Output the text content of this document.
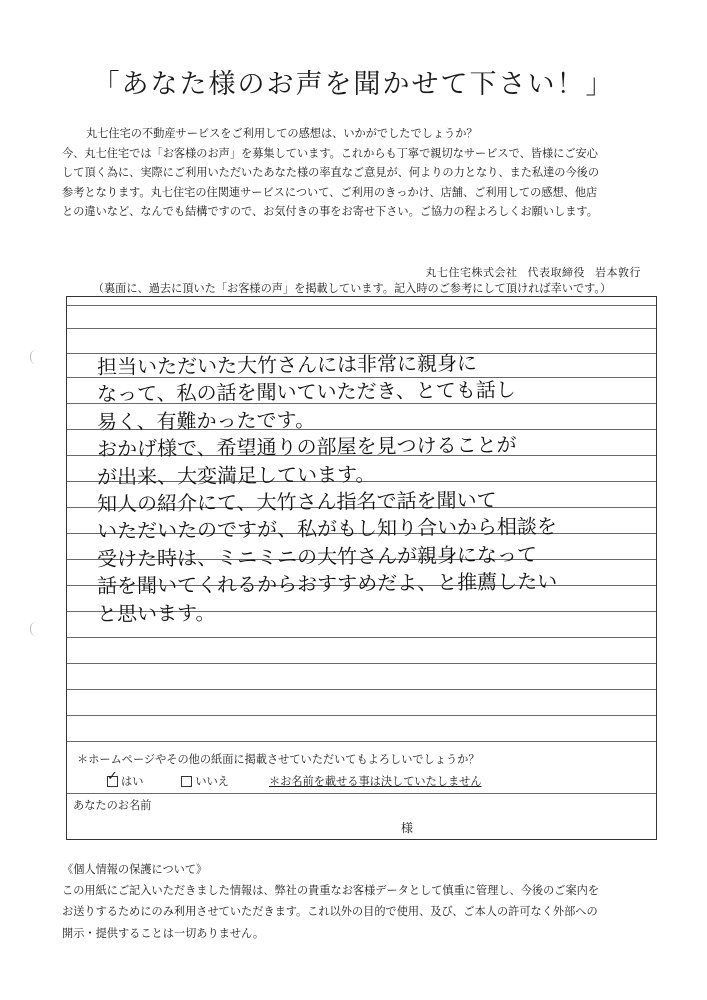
「あなた様のお声を聞かせて下さい！」

丸七住宅の不動産サービスをご利用しての感想は、いかがでしたでしょうか？

今、丸七住宅では「お客様のお声」を募集しています。これからも丁寧で親切なサービスで、皆様にご安心

して頂く為に、実際にご利用いただいたあなた様の率直なご意見が、何よりの力となり、また私達の今後の

参考となります。丸七住宅の住関連サービスについて、ご利用のきっかけ、店舗、ご利用しての感想、他店

との違いなど、なんでも結構ですので、お気付きの事をお寄せ下さい。ご協力の程よろしくお願いします。

丸七住宅株式会社 代表取締役 岩本敦行
（裏面に、過去に頂いた「お客様の声」を掲載しています。記入時のご参考にして頂ければ幸いです。）
担当いただいた大竹さんには非常に親身に
なって、私の話を聞いていただき、とても話し
易く、有難かったです。
おかげ様で、希望通りの部屋を見つけることが
が出来、大変満足しています。
知人の紹介にて、大竹さん指名で話を聞いて
いただいたのですが、私がもし知り合いから相談を
受けた時は、ミニミニの大竹さんが親身になって
話を聞いてくれるからおすすめだよ、と推薦したい
と思います。
＊ホームページやその他の紙面に掲載させていただいてもよろしいでしょうか？
✓ はい	いいえ	＊お名前を載せる事は決していたしません
あなたのお名前
様

《個人情報の保護について》

この用紙にご記入いただきました情報は、弊社の貴重なお客様データとして慎重に管理し、今後のご案内を

お送りするためにのみ利用させていただきます。これ以外の目的で使用、及び、ご本人の許可なく外部への

開示・提供することは一切ありません。
